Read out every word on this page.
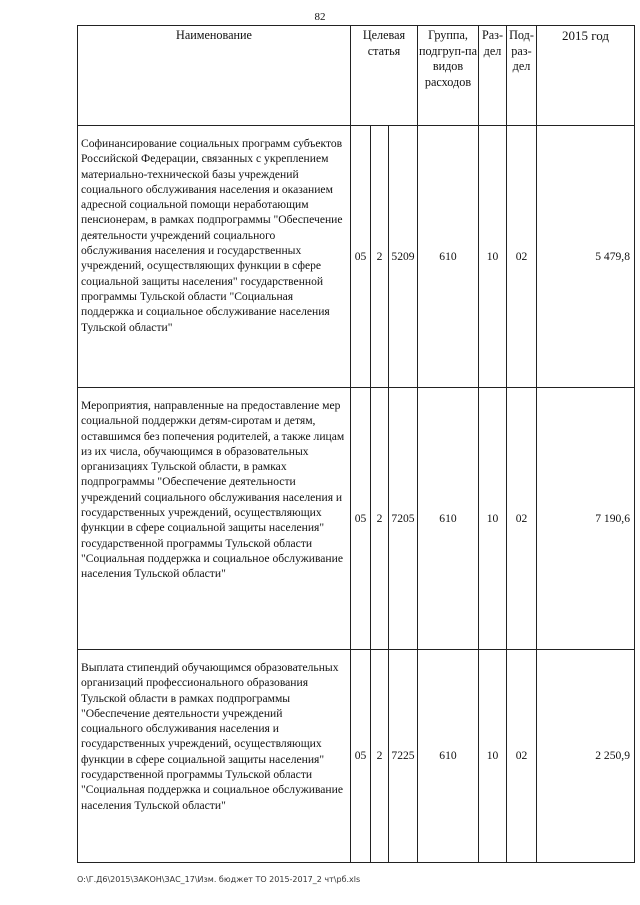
82
Наименование	Целевая статья			Группа, подгруп-па видов расходов	Раз-дел	Под-раз-дел	2015 год
Софинансирование социальных программ субъектов Российской Федерации, связанных с укреплением материально-технической базы учреждений социального обслуживания населения и оказанием адресной социальной помощи неработающим пенсионерам, в рамках подпрограммы "Обеспечение деятельности учреждений социального обслуживания населения и государственных учреждений, осуществляющих функции в сфере социальной защиты населения" государственной программы Тульской области "Социальная поддержка и социальное обслуживание населения Тульской области"	05	2	5209	610	10	02	5 479,8
Мероприятия, направленные на предоставление мер социальной поддержки детям-сиротам и детям, оставшимся без попечения родителей, а также лицам из их числа, обучающимся в образовательных организациях Тульской области, в рамках подпрограммы "Обеспечение деятельности учреждений социального обслуживания населения и государственных учреждений, осуществляющих функции в сфере социальной защиты населения" государственной программы Тульской области "Социальная поддержка и социальное обслуживание населения Тульской области"	05	2	7205	610	10	02	7 190,6
Выплата стипендий обучающимся образовательных организаций профессионального образования Тульской области в рамках подпрограммы "Обеспечение деятельности учреждений социального обслуживания населения и государственных учреждений, осуществляющих функции в сфере социальной защиты населения" государственной программы Тульской области "Социальная поддержка и социальное обслуживание населения Тульской области"	05	2	7225	610	10	02	2 250,9
О:\Г.Д6\2015\ЗАКОН\ЗАС_17\Изм. бюджет ТО 2015-2017_2 чт\рб.xls
